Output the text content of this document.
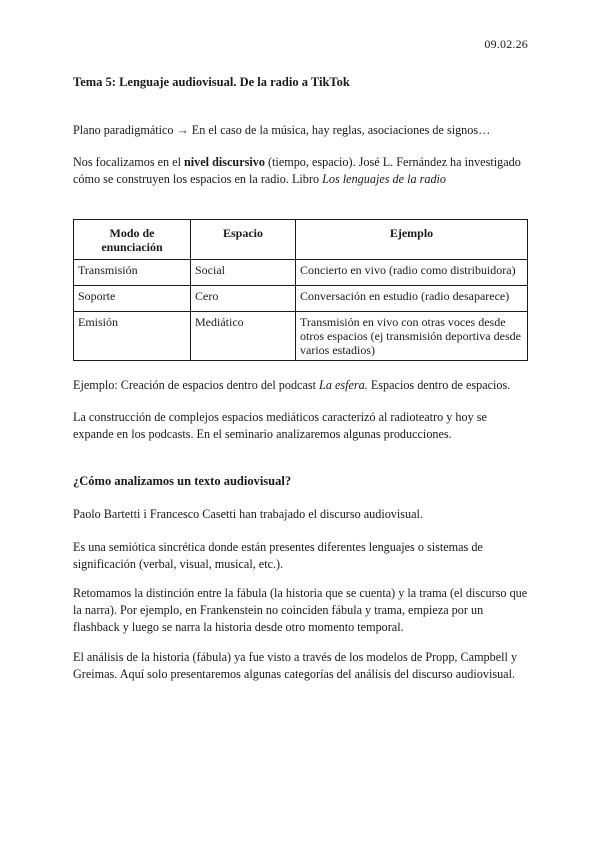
09.02.26
Tema 5: Lenguaje audiovisual. De la radio a TikTok
Plano paradigmático → En el caso de la música, hay reglas, asociaciones de signos…
Nos focalizamos en el nivel discursivo (tiempo, espacio). José L. Fernández ha investigado cómo se construyen los espacios en la radio. Libro Los lenguajes de la radio
Modo de enunciación	Espacio	Ejemplo
Transmisión	Social	Concierto en vivo (radio como distribuidora)
Soporte	Cero	Conversación en estudio (radio desaparece)
Emisión	Mediático	Transmisión en vivo con otras voces desde otros espacios (ej transmisión deportiva desde varios estadios)
Ejemplo: Creación de espacios dentro del podcast La esfera. Espacios dentro de espacios.
La construcción de complejos espacios mediáticos caracterizó al radioteatro y hoy se expande en los podcasts. En el seminario analizaremos algunas producciones.
¿Cómo analizamos un texto audiovisual?
Paolo Bartetti i Francesco Casetti han trabajado el discurso audiovisual.
Es una semiótica sincrética donde están presentes diferentes lenguajes o sistemas de significación (verbal, visual, musical, etc.).
Retomamos la distinción entre la fábula (la historia que se cuenta) y la trama (el discurso que la narra). Por ejemplo, en Frankenstein no coinciden fábula y trama, empieza por un flashback y luego se narra la historia desde otro momento temporal.
El análisis de la historia (fábula) ya fue visto a través de los modelos de Propp, Campbell y Greimas. Aquí solo presentaremos algunas categorías del análisis del discurso audiovisual.
